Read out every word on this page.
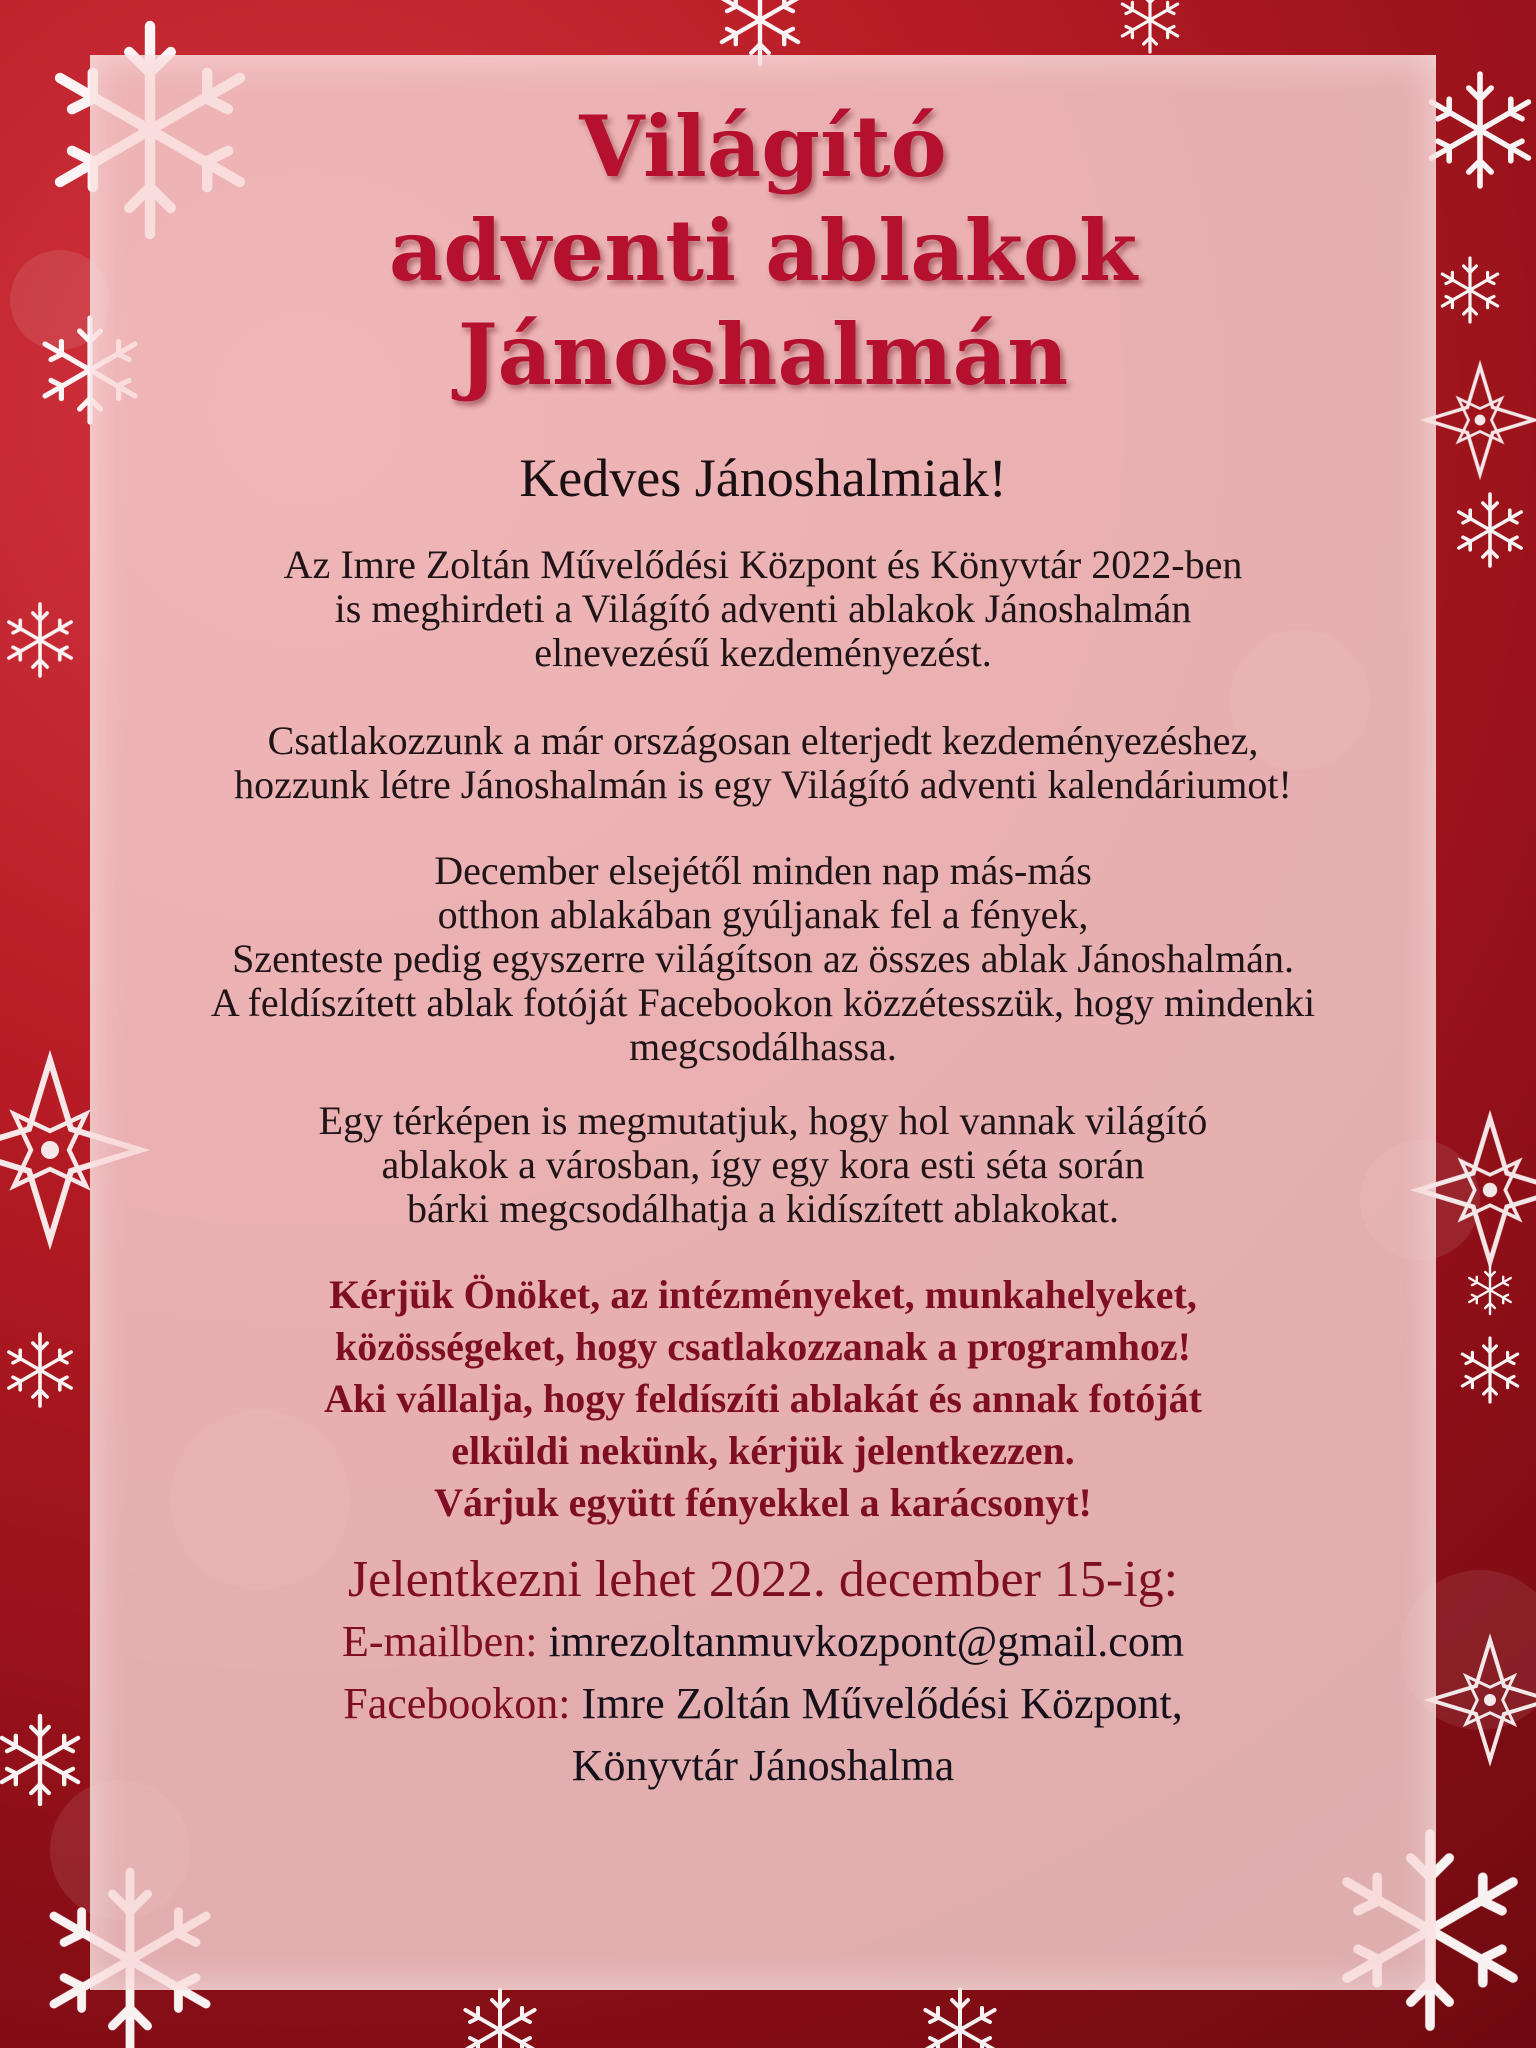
Világító
adventi ablakok
Jánoshalmán
Kedves Jánoshalmiak!
Az Imre Zoltán Művelődési Központ és Könyvtár 2022-ben
is meghirdeti a Világító adventi ablakok Jánoshalmán
elnevezésű kezdeményezést.
Csatlakozzunk a már országosan elterjedt kezdeményezéshez,
hozzunk létre Jánoshalmán is egy Világító adventi kalendáriumot!
December elsejétől minden nap más-más
otthon ablakában gyúljanak fel a fények,
Szenteste pedig egyszerre világítson az összes ablak Jánoshalmán.
A feldíszített ablak fotóját Facebookon közzétesszük, hogy mindenki
megcsodálhassa.
Egy térképen is megmutatjuk, hogy hol vannak világító
ablakok a városban, így egy kora esti séta során
bárki megcsodálhatja a kidíszített ablakokat.
Kérjük Önöket, az intézményeket, munkahelyeket,
közösségeket, hogy csatlakozzanak a programhoz!
Aki vállalja, hogy feldíszíti ablakát és annak fotóját
elküldi nekünk, kérjük jelentkezzen.
Várjuk együtt fényekkel a karácsonyt!
Jelentkezni lehet 2022. december 15-ig:
E-mailben: imrezoltanmuvkozpont@gmail.com
Facebookon: Imre Zoltán Művelődési Központ,
Könyvtár Jánoshalma
